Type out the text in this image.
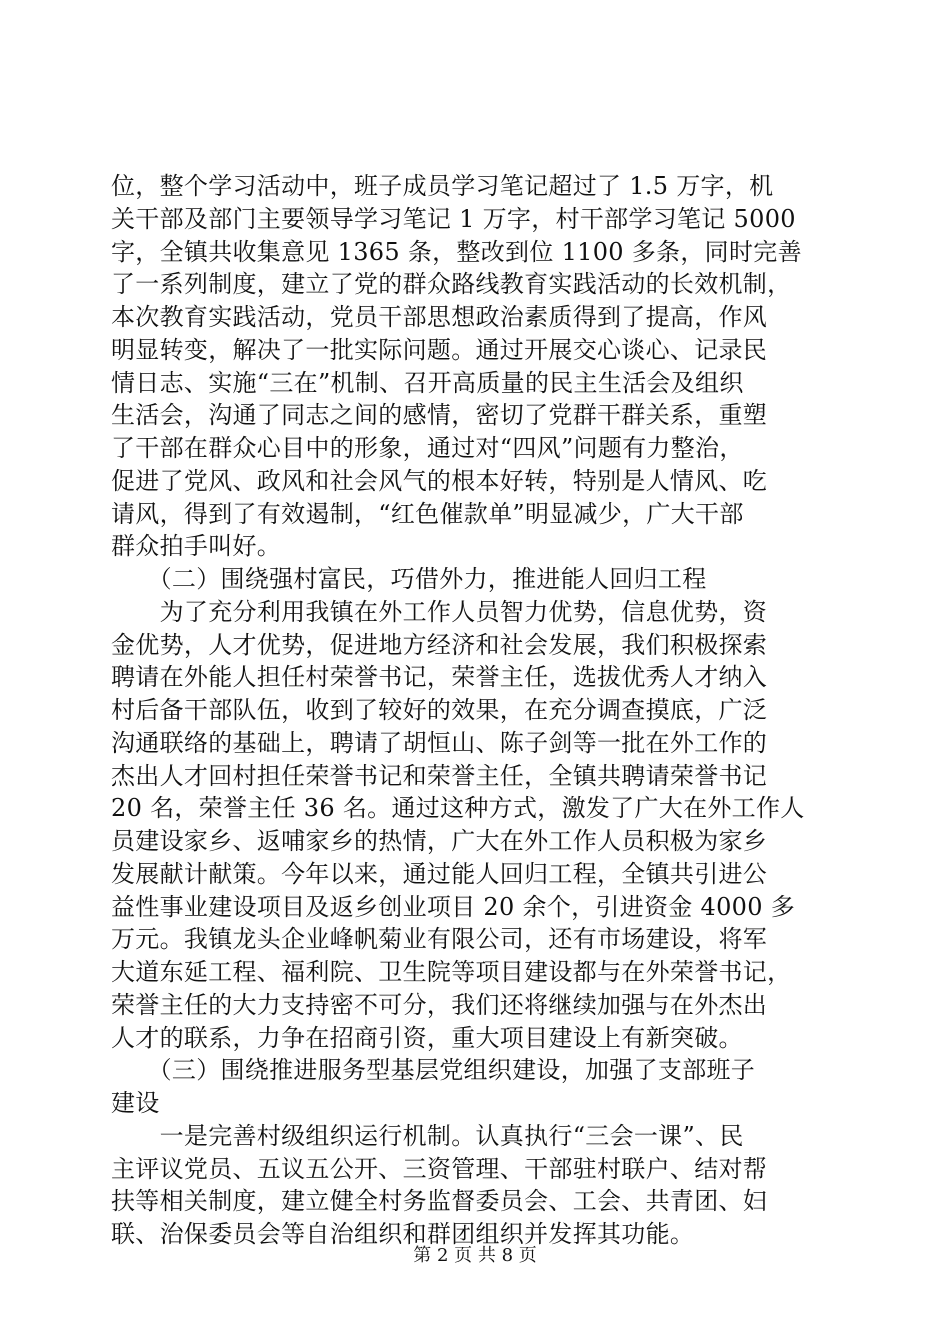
位，整个学习活动中，班子成员学习笔记超过了 1.5 万字，机
关干部及部门主要领导学习笔记 1 万字，村干部学习笔记 5000
字，全镇共收集意见 1365 条，整改到位 1100 多条，同时完善
了一系列制度，建立了党的群众路线教育实践活动的长效机制，
本次教育实践活动，党员干部思想政治素质得到了提高，作风
明显转变，解决了一批实际问题。通过开展交心谈心、记录民
情日志、实施“三在”机制、召开高质量的民主生活会及组织
生活会，沟通了同志之间的感情，密切了党群干群关系，重塑
了干部在群众心目中的形象，通过对“四风”问题有力整治，
促进了党风、政风和社会风气的根本好转，特别是人情风、吃
请风，得到了有效遏制，“红色催款单”明显减少，广大干部
群众拍手叫好。
　　（二）围绕强村富民，巧借外力，推进能人回归工程
　　为了充分利用我镇在外工作人员智力优势，信息优势，资
金优势，人才优势，促进地方经济和社会发展，我们积极探索
聘请在外能人担任村荣誉书记，荣誉主任，选拔优秀人才纳入
村后备干部队伍，收到了较好的效果，在充分调查摸底，广泛
沟通联络的基础上，聘请了胡恒山、陈子剑等一批在外工作的
杰出人才回村担任荣誉书记和荣誉主任，全镇共聘请荣誉书记
20 名，荣誉主任 36 名。通过这种方式，激发了广大在外工作人
员建设家乡、返哺家乡的热情，广大在外工作人员积极为家乡
发展献计献策。今年以来，通过能人回归工程，全镇共引进公
益性事业建设项目及返乡创业项目 20 余个，引进资金 4000 多
万元。我镇龙头企业峰帆菊业有限公司，还有市场建设，将军
大道东延工程、福利院、卫生院等项目建设都与在外荣誉书记，
荣誉主任的大力支持密不可分，我们还将继续加强与在外杰出
人才的联系，力争在招商引资，重大项目建设上有新突破。
　　（三）围绕推进服务型基层党组织建设，加强了支部班子
建设
　　一是完善村级组织运行机制。认真执行“三会一课”、民
主评议党员、五议五公开、三资管理、干部驻村联户、结对帮
扶等相关制度，建立健全村务监督委员会、工会、共青团、妇
联、治保委员会等自治组织和群团组织并发挥其功能。
第 2 页 共 8 页
